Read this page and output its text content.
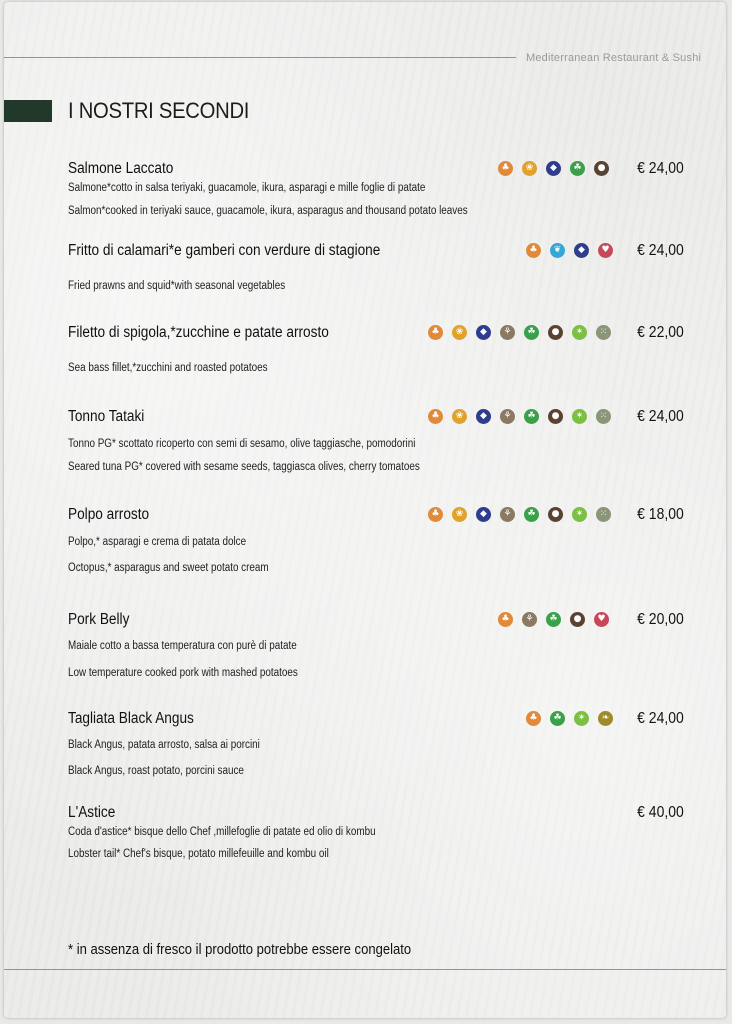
Mediterranean Restaurant & Sushi
I NOSTRI SECONDI
Salmone Laccato	♣	❀	◆	☘	● € 24,00
Salmone*cotto in salsa teriyaki, guacamole, ikura, asparagi e mille foglie di patate
Salmon*cooked in teriyaki sauce, guacamole, ikura, asparagus and thousand potato leaves
Fritto di calamari*e gamberi con verdure di stagione	♣	❦	◆	♥ € 24,00
Fried prawns and squid*with seasonal vegetables
Filetto di spigola,*zucchine e patate arrosto	♣	❀	◆	⚘	☘	●	✶	⁙ € 22,00
Sea bass fillet,*zucchini and roasted potatoes
Tonno Tataki	♣	❀	◆	⚘	☘	●	✶	⁙ € 24,00
Tonno PG* scottato ricoperto con semi di sesamo, olive taggiasche, pomodorini
Seared tuna PG* covered with sesame seeds, taggiasca olives, cherry tomatoes
Polpo arrosto	♣	❀	◆	⚘	☘	●	✶	⁙ € 18,00
Polpo,* asparagi e crema di patata dolce
Octopus,* asparagus and sweet potato cream
Pork Belly	♣	⚘	☘	●	♥ € 20,00
Maiale cotto a bassa temperatura con purè di patate
Low temperature cooked pork with mashed potatoes
Tagliata Black Angus	♣	☘	✶	❧ € 24,00
Black Angus, patata arrosto, salsa ai porcini
Black Angus, roast potato, porcini sauce
L'Astice	€ 40,00
Coda d'astice* bisque dello Chef ,millefoglie di patate ed olio di kombu
Lobster tail* Chef's bisque, potato millefeuille and kombu oil
* in assenza di fresco il prodotto potrebbe essere congelato
